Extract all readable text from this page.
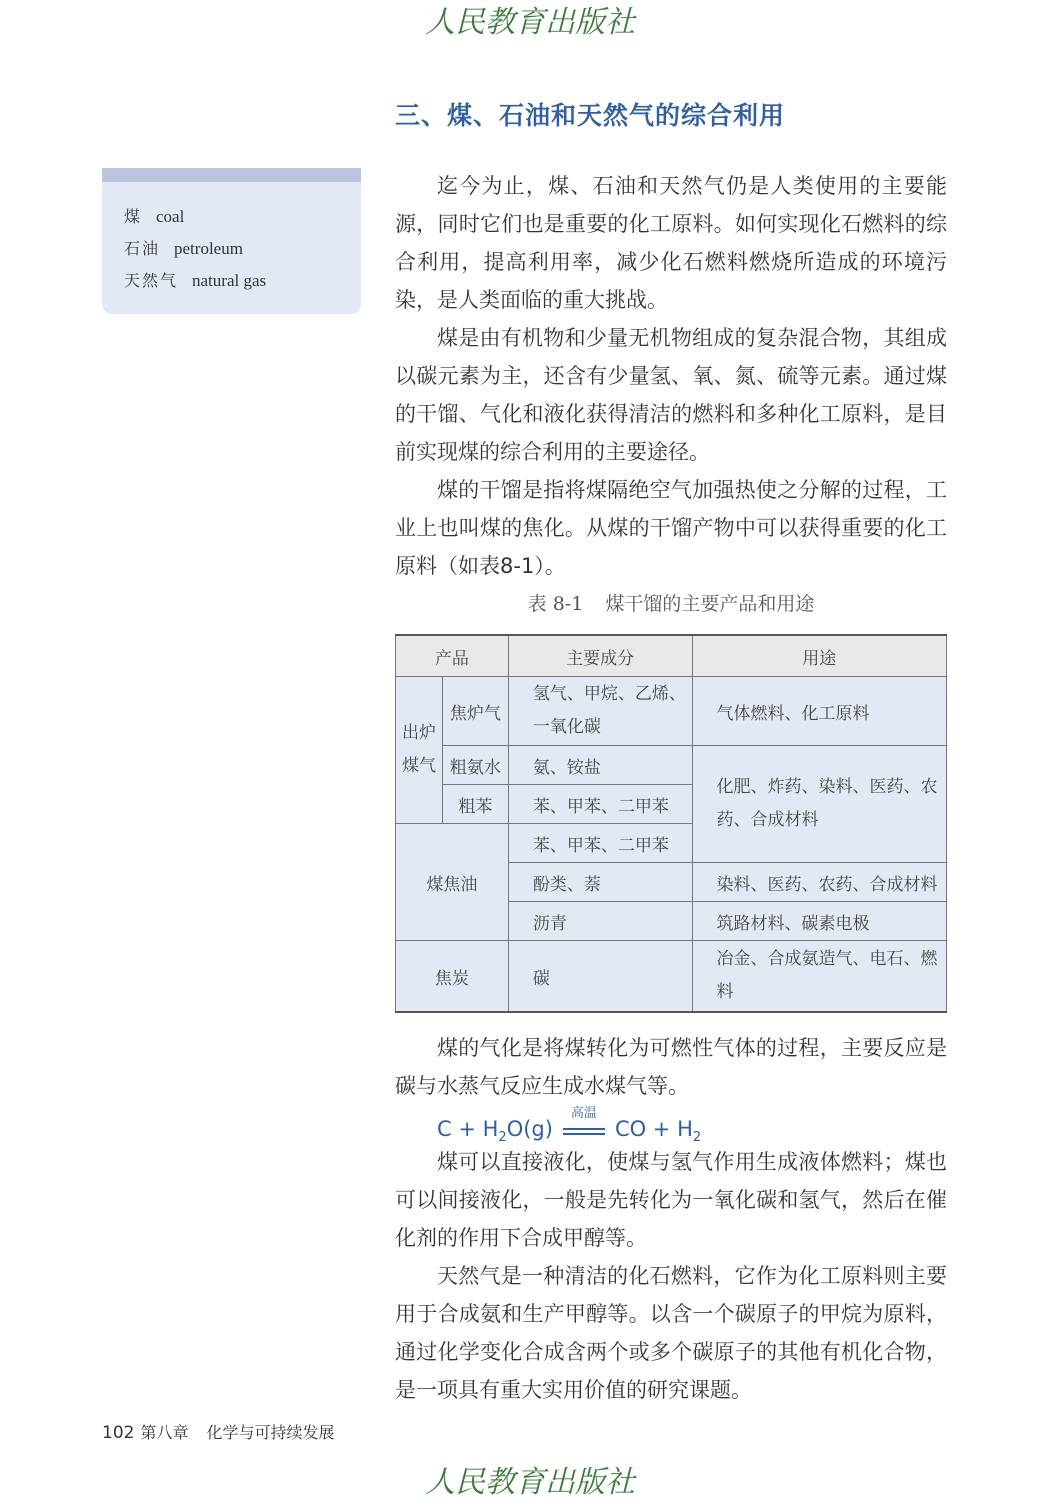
人民教育出版社
三、煤、石油和天然气的综合利用
煤 coal
石油 petroleum
天然气 natural gas

迄今为止，煤、石油和天然气仍是人类使用的主要能源，同时它们也是重要的化工原料。如何实现化石燃料的综合利用，提高利用率，减少化石燃料燃烧所造成的环境污染，是人类面临的重大挑战。

煤是由有机物和少量无机物组成的复杂混合物，其组成以碳元素为主，还含有少量氢、氧、氮、硫等元素。通过煤的干馏、气化和液化获得清洁的燃料和多种化工原料，是目前实现煤的综合利用的主要途径。

煤的干馏是指将煤隔绝空气加强热使之分解的过程，工业上也叫煤的焦化。从煤的干馏产物中可以获得重要的化工原料（如表8-1）。

表 8-1 煤干馏的主要产品和用途
产品		主要成分	用途

出炉煤气	焦炉气	氢气、甲烷、乙烯、一氧化碳	气体燃料、化工原料
	粗氨水	氨、铵盐	化肥、炸药、染料、医药、农药、合成材料

	粗苯	苯、甲苯、二甲苯	
煤焦油		苯、甲苯、二甲苯	
		酚类、萘	染料、医药、农药、合成材料
		沥青	筑路材料、碳素电极
焦炭		碳	冶金、合成氨造气、电石、燃料

煤的气化是将煤转化为可燃性气体的过程，主要反应是碳与水蒸气反应生成水煤气等。

$C + H_2O(g)$
高温
CO + $H_2$

煤可以直接液化，使煤与氢气作用生成液体燃料；煤也可以间接液化，一般是先转化为一氧化碳和氢气，然后在催化剂的作用下合成甲醇等。

天然气是一种清洁的化石燃料，它作为化工原料则主要用于合成氨和生产甲醇等。以含一个碳原子的甲烷为原料，通过化学变化合成含两个或多个碳原子的其他有机化合物，是一项具有重大实用价值的研究课题。

102 第八章 化学与可持续发展
人民教育出版社
